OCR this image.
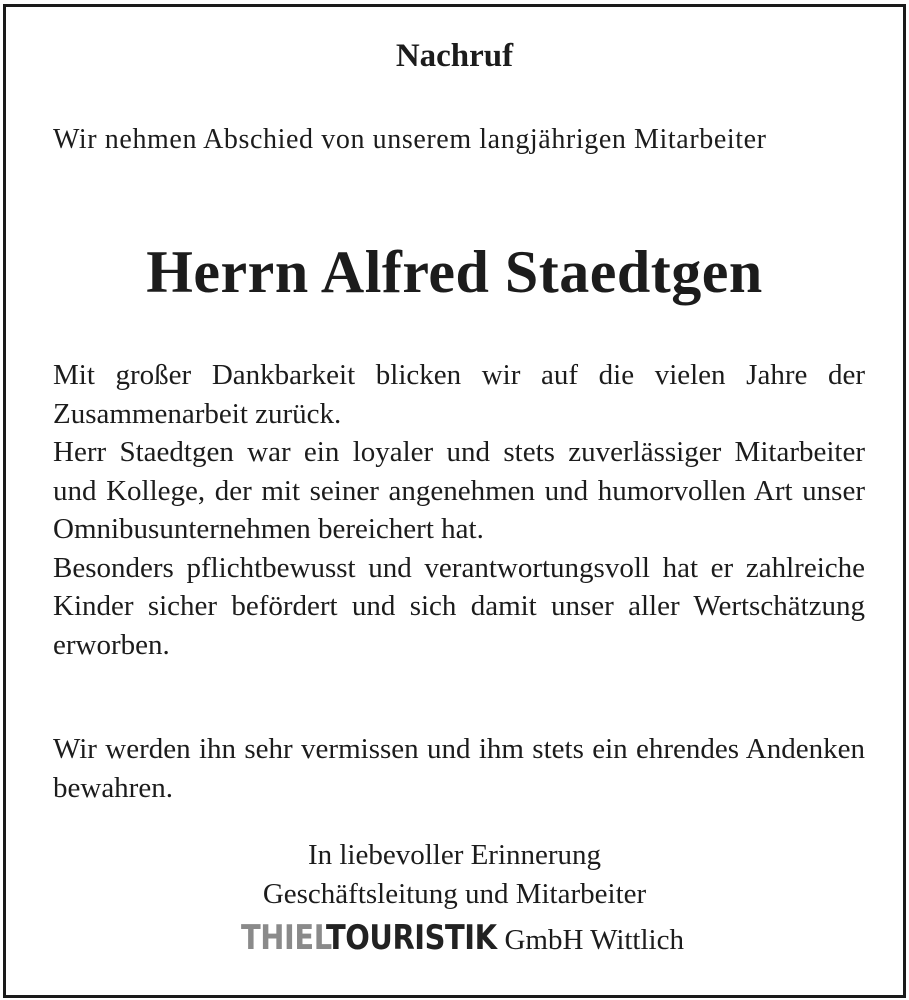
Nachruf
Wir nehmen Abschied von unserem langjährigen Mitarbeiter
Herrn Alfred Staedtgen

Mit großer Dankbarkeit blicken wir auf die vielen Jahre der Zusammenarbeit zurück.

Herr Staedtgen war ein loyaler und stets zuverlässiger Mitarbeiter und Kollege, der mit seiner angenehmen und humorvollen Art unser Omnibusunternehmen bereichert hat.

Besonders pflichtbewusst und verantwortungsvoll hat er zahlreiche Kinder sicher befördert und sich damit unser aller Wertschätzung erworben.

Wir werden ihn sehr vermissen und ihm stets ein ehrendes Andenken bewahren.
In liebevoller Erinnerung
Geschäftsleitung und Mitarbeiter
THIEL TOURISTIK GmbH Wittlich
